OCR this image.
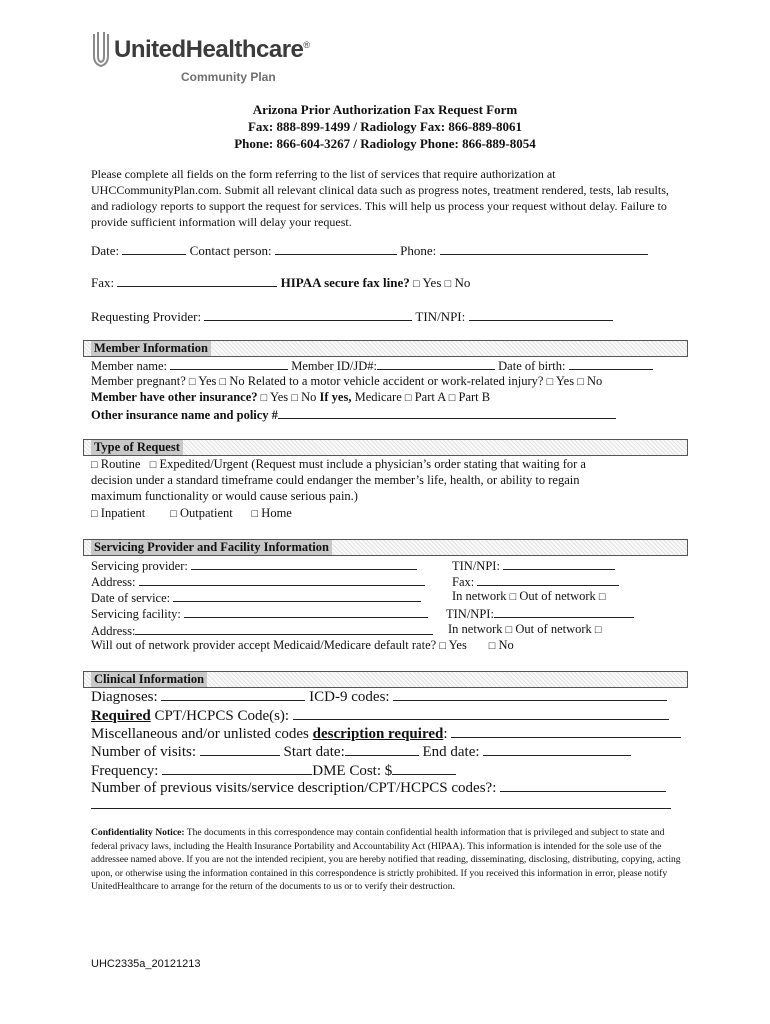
UnitedHealthcare®
Community Plan
Arizona Prior Authorization Fax Request Form
Fax: 888-899-1499 / Radiology Fax: 866-889-8061
Phone: 866-604-3267 / Radiology Phone: 866-889-8054
Please complete all fields on the form referring to the list of services that require authorization at UHCCommunityPlan.com. Submit all relevant clinical data such as progress notes, treatment rendered, tests, lab results, and radiology reports to support the request for services. This will help us process your request without delay. Failure to provide sufficient information will delay your request.
Date:	Contact person:	Phone:
Fax:	HIPAA secure fax line? □ Yes □ No
Requesting Provider:	TIN/NPI:
Member Information
Member name:	Member ID/JD#:	Date of birth:
Member pregnant? □ Yes □ No Related to a motor vehicle accident or work-related injury? □ Yes □ No
Member have other insurance? □ Yes □ No If yes, Medicare □ Part A □ Part B
Other insurance name and policy #
Type of Request
□ Routine □ Expedited/Urgent (Request must include a physician’s order stating that waiting for a
decision under a standard timeframe could endanger the member’s life, health, or ability to regain
maximum functionality or would cause serious pain.)
□ Inpatient □ Outpatient □ Home
Servicing Provider and Facility Information
Servicing provider:	TIN/NPI:
Address:	Fax:
Date of service:	In network □ Out of network □
Servicing facility:	TIN/NPI:
Address:	In network □ Out of network □
Will out of network provider accept Medicaid/Medicare default rate? □ Yes □ No
Clinical Information
Diagnoses:	ICD-9 codes:
Required CPT/HCPCS Code(s):
Miscellaneous and/or unlisted codes description required:
Number of visits:	Start date:	End date:
Frequency:	DME Cost: $
Number of previous visits/service description/CPT/HCPCS codes?:
Confidentiality Notice: The documents in this correspondence may contain confidential health information that is privileged and subject to state and federal privacy laws, including the Health Insurance Portability and Accountability Act (HIPAA). This information is intended for the sole use of the addressee named above. If you are not the intended recipient, you are hereby notified that reading, disseminating, disclosing, distributing, copying, acting upon, or otherwise using the information contained in this correspondence is strictly prohibited. If you received this information in error, please notify UnitedHealthcare to arrange for the return of the documents to us or to verify their destruction.
UHC2335a_20121213
